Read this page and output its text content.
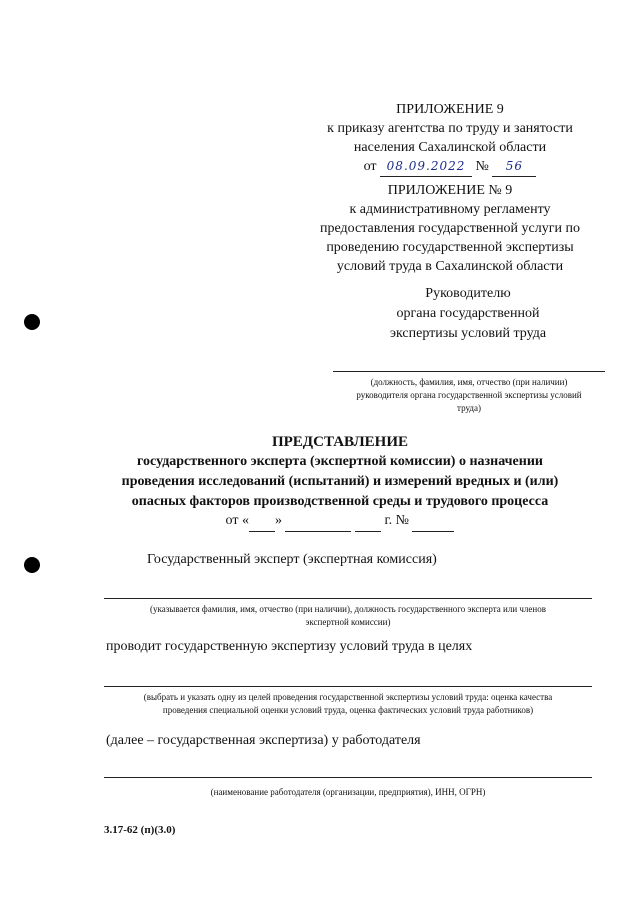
ПРИЛОЖЕНИЕ 9
к приказу агентства по труду и занятости
населения Сахалинской области
от 08.09.2022 № 56
ПРИЛОЖЕНИЕ № 9
к административному регламенту
предоставления государственной услуги по
проведению государственной экспертизы
условий труда в Сахалинской области
Руководителю
органа государственной
экспертизы условий труда
(должность, фамилия, имя, отчество (при наличии)
руководителя органа государственной экспертизы условий
труда)
ПРЕДСТАВЛЕНИЕ
государственного эксперта (экспертной комиссии) о назначении
проведения исследований (испытаний) и измерений вредных и (или)
опасных факторов производственной среды и трудового процесса
от « »	г. №
Государственный эксперт (экспертная комиссия)
(указывается фамилия, имя, отчество (при наличии), должность государственного эксперта или членов
экспертной комиссии)
проводит государственную экспертизу условий труда в целях
(выбрать и указать одну из целей проведения государственной экспертизы условий труда: оценка качества
проведения специальной оценки условий труда, оценка фактических условий труда работников)
(далее – государственная экспертиза) у работодателя
(наименование работодателя (организации, предприятия), ИНН, ОГРН)
3.17-62 (п)(3.0)
